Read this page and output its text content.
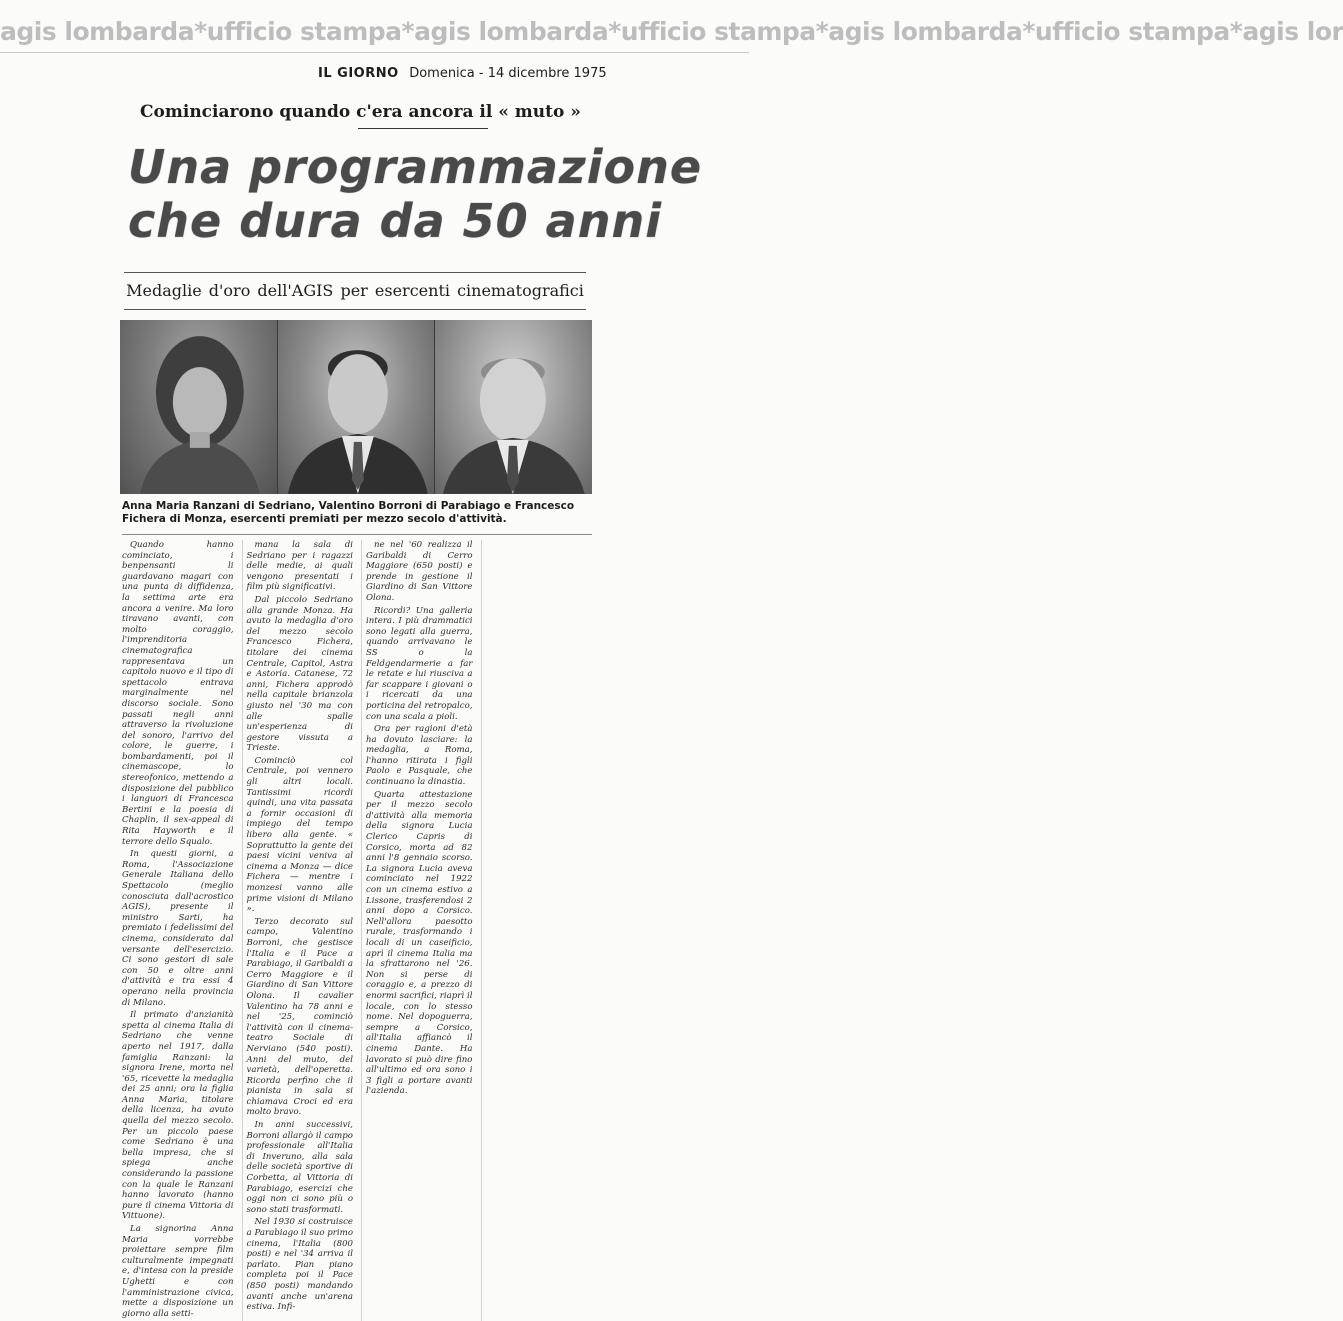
agis lombarda*ufficio stampa*agis lombarda*ufficio stampa*agis lombarda*ufficio stampa*agis lor
IL GIORNO Domenica - 14 dicembre 1975
Cominciarono quando c'era ancora il « muto »
Una programmazione
che dura da 50 anni
Medaglie d'oro dell'AGIS per esercenti cinematografici
Anna Maria Ranzani di Sedriano, Valentino Borroni di Parabiago e Francesco Fichera di Monza, esercenti premiati per mezzo secolo d'attività.

Quando hanno cominciato, i benpensanti li guardavano magari con una punta di diffidenza, la settima arte era ancora a venire. Ma loro tiravano avanti, con molto coraggio, l'imprenditoria cinematografica rappresentava un capitolo nuovo e il tipo di spettacolo entrava marginalmente nel discorso sociale. Sono passati negli anni attraverso la rivoluzione del sonoro, l'arrivo del colore, le guerre, i bombardamenti, poi il cinemascope, lo stereofonico, mettendo a disposizione del pubblico i languori di Francesca Bertini e la poesia di Chaplin, il sex-appeal di Rita Hayworth e il terrore dello Squalo.

In questi giorni, a Roma, l'Associazione Generale Italiana dello Spettacolo (meglio conosciuta dall'acrostico AGIS), presente il ministro Sarti, ha premiato i fedelissimi del cinema, considerato dal versante dell'esercizio. Ci sono gestori di sale con 50 e oltre anni d'attività e tra essi 4 operano nella provincia di Milano.

Il primato d'anzianità spetta al cinema Italia di Sedriano che venne aperto nel 1917, dalla famiglia Ranzani: la signora Irene, morta nel '65, ricevette la medaglia dei 25 anni; ora la figlia Anna Maria, titolare della licenza, ha avuto quella del mezzo secolo. Per un piccolo paese come Sedriano è una bella impresa, che si spiega anche considerando la passione con la quale le Ranzani hanno lavorato (hanno pure il cinema Vittoria di Vittuone).

La signorina Anna Maria vorrebbe proiettare sempre film culturalmente impegnati e, d'intesa con la preside Ughetti e con l'amministrazione civica, mette a disposizione un giorno alla setti-

mana la sala di Sedriano per i ragazzi delle medie, ai quali vengono presentati i film più significativi.

Dal piccolo Sedriano alla grande Monza. Ha avuto la medaglia d'oro del mezzo secolo Francesco Fichera, titolare dei cinema Centrale, Capitol, Astra e Astoria. Catanese, 72 anni, Fichera approdò nella capitale brianzola giusto nel '30 ma con alle spalle un'esperienza di gestore vissuta a Trieste.

Cominciò col Centrale, poi vennero gli altri locali. Tantissimi ricordi quindi, una vita passata a fornir occasioni di impiego del tempo libero alla gente. « Soprattutto la gente dei paesi vicini veniva al cinema a Monza — dice Fichera — mentre i monzesi vanno alle prime visioni di Milano ».

Terzo decorato sul campo, Valentino Borroni, che gestisce l'Italia e il Pace a Parabiago, il Garibaldi a Cerro Maggiore e il Giardino di San Vittore Olona. Il cavalier Valentino ha 78 anni e nel '25, cominciò l'attività con il cinema-teatro Sociale di Nerviano (540 posti). Anni del muto, del varietà, dell'operetta. Ricorda perfino che il pianista in sala si chiamava Croci ed era molto bravo.

In anni successivi, Borroni allargò il campo professionale all'Italia di Inveruno, alla sala delle società sportive di Corbetta, al Vittoria di Parabiago, esercizi che oggi non ci sono più o sono stati trasformati.

Nel 1930 si costruisce a Parabiago il suo primo cinema, l'Italia (800 posti) e nel '34 arriva il parlato. Pian piano completa poi il Pace (850 posti) mandando avanti anche un'arena estiva. Infi-

ne nel '60 realizza il Garibaldi di Cerro Maggiore (650 posti) e prende in gestione il Giardino di San Vittore Olona.

Ricordi? Una galleria intera. I più drammatici sono legati alla guerra, quando arrivavano le SS o la Feldgendarmerie a far le retate e lui riusciva a far scappare i giovani o i ricercati da una porticina del retropalco, con una scala a pioli.

Ora per ragioni d'età ha dovuto lasciare: la medaglia, a Roma, l'hanno ritirata i figli Paolo e Pasquale, che continuano la dinastia.

Quarta attestazione per il mezzo secolo d'attività alla memoria della signora Lucia Clerico Capris di Corsico, morta ad 82 anni l'8 gennaio scorso. La signora Lucia aveva cominciato nel 1922 con un cinema estivo a Lissone, trasferendosi 2 anni dopo a Corsico. Nell'allora paesotto rurale, trasformando i locali di un caseificio, aprì il cinema Italia ma la sfrattarono nel '26. Non si perse di coraggio e, a prezzo di enormi sacrifici, riaprì il locale, con lo stesso nome. Nel dopoguerra, sempre a Corsico, all'Italia affiancò il cinema Dante. Ha lavorato si può dire fino all'ultimo ed ora sono i 3 figli a portare avanti l'azienda.
